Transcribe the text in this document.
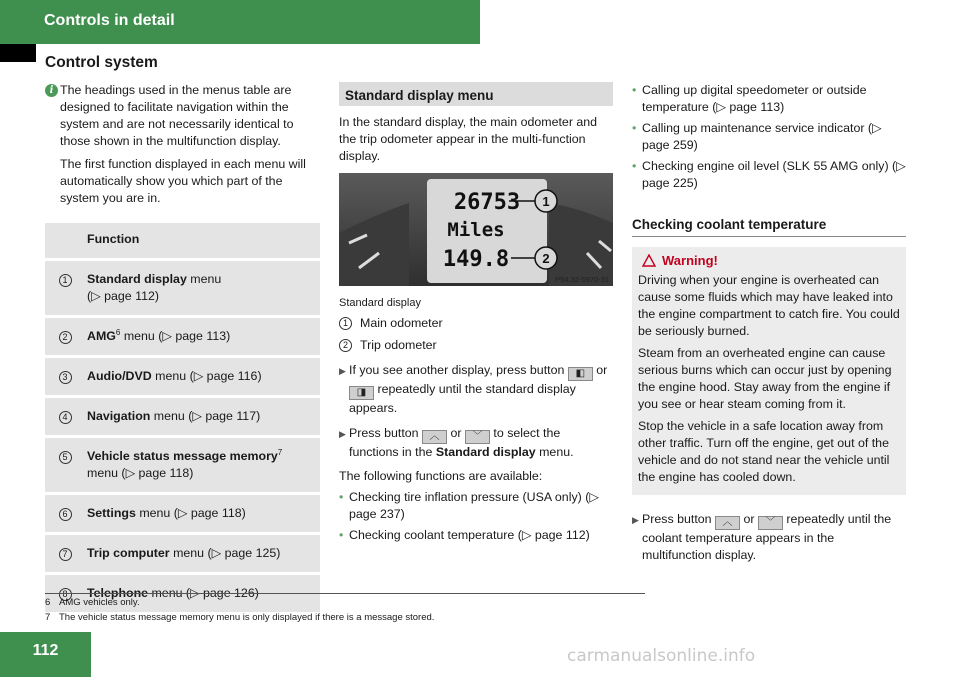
Controls in detail
Control system
i The headings used in the menus table are designed to facilitate navigation within the system and are not necessarily identical to those shown in the multifunction display.

The first function displayed in each menu will automatically show you which part of the system you are in.

	Function
1	Standard display menu
(▷ page 112)
2	AMG$^6$ menu (▷ page 113)
3	Audio/DVD menu (▷ page 116)
4	Navigation menu (▷ page 117)
5	Vehicle status message memory$^7$
menu (▷ page 118)
6	Settings menu (▷ page 118)
7	Trip computer menu (▷ page 125)
8	Telephone menu (▷ page 126)
Standard display menu

In the standard display, the main odometer and the trip odometer appear in the multi-function display.

26753
Miles
149.8
1
2
P54.32-5970-31
Standard display
1 Main odometer
2 Trip odometer
▶ If you see another display, press button ◧ or ◨ repeatedly until the standard display appears.
▶ Press button ︿ or ﹀ to select the functions in the Standard display menu.

The following functions are available:

• Checking tire inflation pressure (USA only) (▷ page 237)
• Checking coolant temperature (▷ page 112)
• Calling up digital speedometer or outside temperature (▷ page 113)
• Calling up maintenance service indicator (▷ page 259)
• Checking engine oil level (SLK 55 AMG only) (▷ page 225)
Checking coolant temperature
Warning!

Driving when your engine is overheated can cause some fluids which may have leaked into the engine compartment to catch fire. You could be seriously burned.

Steam from an overheated engine can cause serious burns which can occur just by opening the engine hood. Stay away from the engine if you see or hear steam coming from it.

Stop the vehicle in a safe location away from other traffic. Turn off the engine, get out of the vehicle and do not stand near the vehicle until the engine has cooled down.

▶ Press button ︿ or ﹀ repeatedly until the coolant temperature appears in the multifunction display.
6 AMG vehicles only.
7 The vehicle status message memory menu is only displayed if there is a message stored.
112	carmanualsonline.info
